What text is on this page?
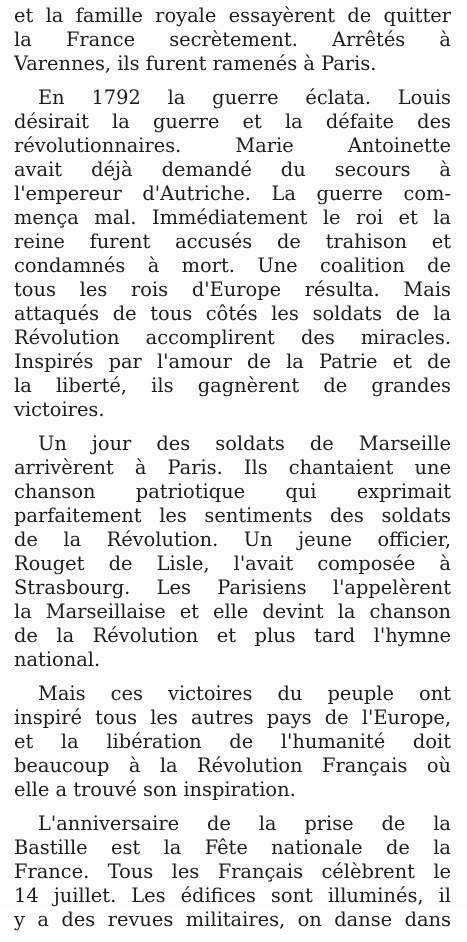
et la famille royale essayèrent de quitter
la France secrètement. Arrêtés à
Varennes, ils furent ramenés à Paris.
En 1792 la guerre éclata. Louis
désirait la guerre et la défaite des
révolutionnaires. Marie Antoinette
avait déjà demandé du secours à
l'empereur d'Autriche. La guerre com-
mença mal. Immédiatement le roi et la
reine furent accusés de trahison et
condamnés à mort. Une coalition de
tous les rois d'Europe résulta. Mais
attaqués de tous côtés les soldats de la
Révolution accomplirent des miracles.
Inspirés par l'amour de la Patrie et de
la liberté, ils gagnèrent de grandes
victoires.
Un jour des soldats de Marseille
arrivèrent à Paris. Ils chantaient une
chanson patriotique qui exprimait
parfaitement les sentiments des soldats
de la Révolution. Un jeune officier,
Rouget de Lisle, l'avait composée à
Strasbourg. Les Parisiens l'appelèrent
la Marseillaise et elle devint la chanson
de la Révolution et plus tard l'hymne
national.
Mais ces victoires du peuple ont
inspiré tous les autres pays de l'Europe,
et la libération de l'humanité doit
beaucoup à la Révolution Français où
elle a trouvé son inspiration.
L'anniversaire de la prise de la
Bastille est la Fête nationale de la
France. Tous les Français célèbrent le
14 juillet. Les édifices sont illuminés, il
y a des revues militaires, on danse dans
